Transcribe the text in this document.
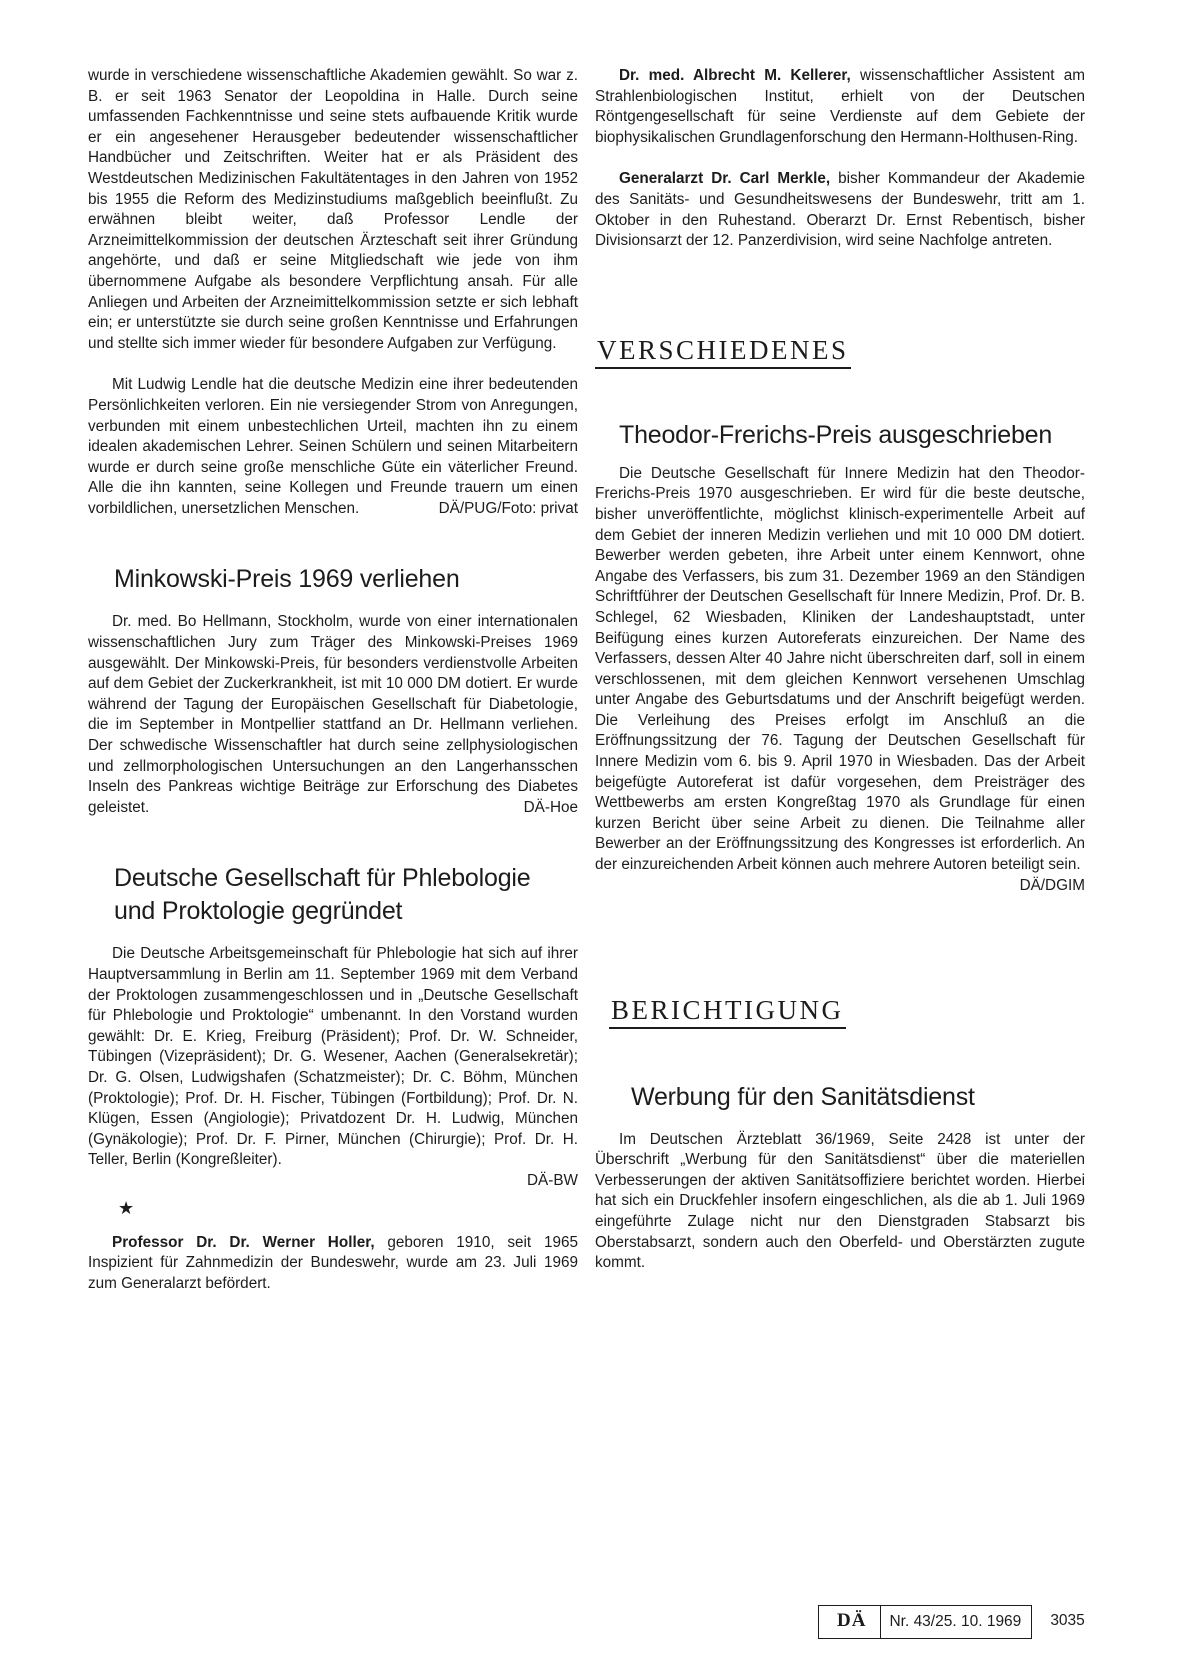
wurde in verschiedene wissenschaftliche Akademien gewählt. So war z. B. er seit 1963 Senator der Leopoldina in Halle. Durch seine umfassenden Fachkenntnisse und seine stets aufbauende Kritik wurde er ein angesehener Herausgeber bedeutender wissenschaftlicher Handbücher und Zeitschriften. Weiter hat er als Präsident des Westdeutschen Medizinischen Fakultätentages in den Jahren von 1952 bis 1955 die Reform des Medizinstudiums maßgeblich beeinflußt. Zu erwähnen bleibt weiter, daß Professor Lendle der Arzneimittelkommission der deutschen Ärzteschaft seit ihrer Gründung angehörte, und daß er seine Mitgliedschaft wie jede von ihm übernommene Aufgabe als besondere Verpflichtung ansah. Für alle Anliegen und Arbeiten der Arzneimittelkommission setzte er sich lebhaft ein; er unterstützte sie durch seine großen Kenntnisse und Erfahrungen und stellte sich immer wieder für besondere Aufgaben zur Verfügung.

Mit Ludwig Lendle hat die deutsche Medizin eine ihrer bedeutenden Persönlichkeiten verloren. Ein nie versiegender Strom von Anregungen, verbunden mit einem unbestechlichen Urteil, machten ihn zu einem idealen akademischen Lehrer. Seinen Schülern und seinen Mitarbeitern wurde er durch seine große menschliche Güte ein väterlicher Freund. Alle die ihn kannten, seine Kollegen und Freunde trauern um einen vorbildlichen, unersetzlichen Menschen.	DÄ/PUG/Foto: privat

Minkowski-Preis 1969 verliehen

Dr. med. Bo Hellmann, Stockholm, wurde von einer internationalen wissenschaftlichen Jury zum Träger des Minkowski-Preises 1969 ausgewählt. Der Minkowski-Preis, für besonders verdienstvolle Arbeiten auf dem Gebiet der Zuckerkrankheit, ist mit 10 000 DM dotiert. Er wurde während der Tagung der Europäischen Gesellschaft für Diabetologie, die im September in Montpellier stattfand an Dr. Hellmann verliehen. Der schwedische Wissenschaftler hat durch seine zellphysiologischen und zellmorphologischen Untersuchungen an den Langerhansschen Inseln des Pankreas wichtige Beiträge zur Erforschung des Diabetes geleistet.	DÄ-Hoe

Deutsche Gesellschaft für Phlebologie und Proktologie gegründet

Die Deutsche Arbeitsgemeinschaft für Phlebologie hat sich auf ihrer Hauptversammlung in Berlin am 11. September 1969 mit dem Verband der Proktologen zusammengeschlossen und in „Deutsche Gesellschaft für Phlebologie und Proktologie“ umbenannt. In den Vorstand wurden gewählt: Dr. E. Krieg, Freiburg (Präsident); Prof. Dr. W. Schneider, Tübingen (Vizepräsident); Dr. G. Wesener, Aachen (Generalsekretär); Dr. G. Olsen, Ludwigshafen (Schatzmeister); Dr. C. Böhm, München (Proktologie); Prof. Dr. H. Fischer, Tübingen (Fortbildung); Prof. Dr. N. Klügen, Essen (Angiologie); Privatdozent Dr. H. Ludwig, München (Gynäkologie); Prof. Dr. F. Pirner, München (Chirurgie); Prof. Dr. H. Teller, Berlin (Kongreßleiter).

DÄ-BW

★

Professor Dr. Dr. Werner Holler, geboren 1910, seit 1965 Inspizient für Zahnmedizin der Bundeswehr, wurde am 23. Juli 1969 zum Generalarzt befördert.

Dr. med. Albrecht M. Kellerer, wissenschaftlicher Assistent am Strahlenbiologischen Institut, erhielt von der Deutschen Röntgengesellschaft für seine Verdienste auf dem Gebiete der biophysikalischen Grundlagenforschung den Hermann-Holthusen-Ring.

Generalarzt Dr. Carl Merkle, bisher Kommandeur der Akademie des Sanitäts- und Gesundheitswesens der Bundeswehr, tritt am 1. Oktober in den Ruhestand. Oberarzt Dr. Ernst Rebentisch, bisher Divisionsarzt der 12. Panzerdivision, wird seine Nachfolge antreten.

VERSCHIEDENES
Theodor-Frerichs-Preis ausgeschrieben

Die Deutsche Gesellschaft für Innere Medizin hat den Theodor-Frerichs-Preis 1970 ausgeschrieben. Er wird für die beste deutsche, bisher unveröffentlichte, möglichst klinisch-experimentelle Arbeit auf dem Gebiet der inneren Medizin verliehen und mit 10 000 DM dotiert. Bewerber werden gebeten, ihre Arbeit unter einem Kennwort, ohne Angabe des Verfassers, bis zum 31. Dezember 1969 an den Ständigen Schriftführer der Deutschen Gesellschaft für Innere Medizin, Prof. Dr. B. Schlegel, 62 Wiesbaden, Kliniken der Landeshauptstadt, unter Beifügung eines kurzen Autoreferats einzureichen. Der Name des Verfassers, dessen Alter 40 Jahre nicht überschreiten darf, soll in einem verschlossenen, mit dem gleichen Kennwort versehenen Umschlag unter Angabe des Geburtsdatums und der Anschrift beigefügt werden. Die Verleihung des Preises erfolgt im Anschluß an die Eröffnungssitzung der 76. Tagung der Deutschen Gesellschaft für Innere Medizin vom 6. bis 9. April 1970 in Wiesbaden. Das der Arbeit beigefügte Autoreferat ist dafür vorgesehen, dem Preisträger des Wettbewerbs am ersten Kongreßtag 1970 als Grundlage für einen kurzen Bericht über seine Arbeit zu dienen. Die Teilnahme aller Bewerber an der Eröffnungssitzung des Kongresses ist erforderlich. An der einzureichenden Arbeit können auch mehrere Autoren beteiligt sein.
DÄ/DGIM

BERICHTIGUNG
Werbung für den Sanitätsdienst

Im Deutschen Ärzteblatt 36/1969, Seite 2428 ist unter der Überschrift „Werbung für den Sanitätsdienst“ über die materiellen Verbesserungen der aktiven Sanitätsoffiziere berichtet worden. Hierbei hat sich ein Druckfehler insofern eingeschlichen, als die ab 1. Juli 1969 eingeführte Zulage nicht nur den Dienstgraden Stabsarzt bis Oberstabsarzt, sondern auch den Oberfeld- und Oberstärzten zugute kommt.

DÄ	Nr. 43/25. 10. 1969	3035
